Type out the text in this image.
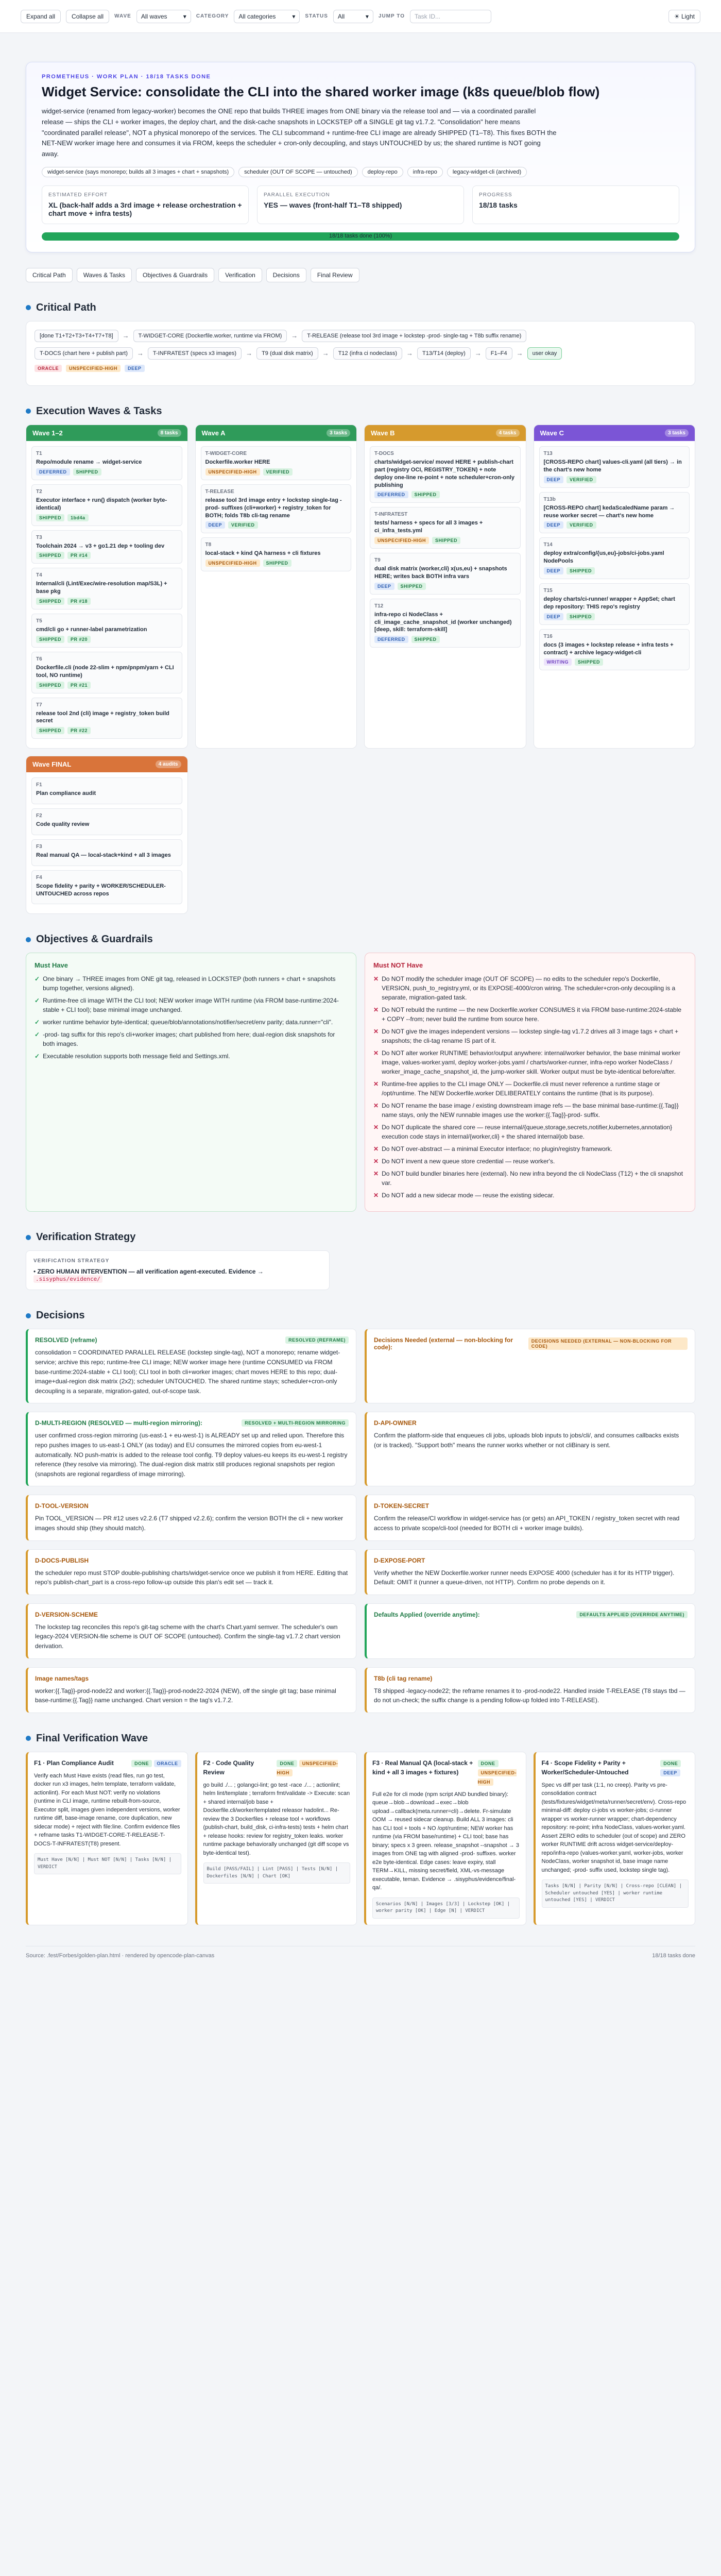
Expand all	Collapse all	WAVE All waves	▾ CATEGORY All categories	▾ STATUS All	▾ JUMP TO	Task ID...	☀ Light
PROMETHEUS · WORK PLAN · 18/18 TASKS DONE
Widget Service: consolidate the CLI into the shared worker image (k8s queue/blob flow)
widget-service (renamed from legacy-worker) becomes the ONE repo that builds THREE images from ONE binary via the release tool and — via a coordinated parallel release — ships the CLI + worker images, the deploy chart, and the disk-cache snapshots in LOCKSTEP off a SINGLE git tag v1.7.2. "Consolidation" here means "coordinated parallel release", NOT a physical monorepo of the services. The CLI subcommand + runtime-free CLI image are already SHIPPED (T1–T8). This fixes BOTH the NET-NEW worker image here and consumes it via FROM, keeps the scheduler + cron-only decoupling, and stays UNTOUCHED by us; the shared runtime is NOT going away.
widget-service (says monorepo; builds all 3 images + chart + snapshots)	scheduler (OUT OF SCOPE — untouched)	deploy-repo	infra-repo	legacy-widget-cli (archived)
ESTIMATED EFFORT
XL (back-half adds a 3rd image + release orchestration + chart move + infra tests)
PARALLEL EXECUTION
YES — waves (front-half T1–T8 shipped)
PROGRESS
18/18 tasks
18/18 tasks done (100%)
Critical Path	Waves & Tasks	Objectives & Guardrails	Verification	Decisions	Final Review
Critical Path
[done T1+T2+T3+T4+T7+T8]	→	T-WIDGET-CORE (Dockerfile.worker, runtime via FROM)	→	T-RELEASE (release tool 3rd image + lockstep -prod- single-tag + T8b suffix rename)
T-DOCS (chart here + publish part)	→	T-INFRATEST (specs x3 images)	→	T9 (dual disk matrix)	→	T12 (infra ci nodeclass)	→	T13/T14 (deploy)	→	F1–F4	→	user okay
ORACLE	UNSPECIFIED-HIGH	DEEP
Execution Waves & Tasks
Wave 1–2	8 tasks
T1
Repo/module rename → widget-service
DEFERRED	SHIPPED
T2
Executor interface + run() dispatch (worker byte-identical)
SHIPPED	1bd4a
T3
Toolchain 2024 → v3 + go1.21 dep + tooling dev
SHIPPED	PR #14
T4
Internal/cli (Lint/Exec/wire-resolution map/S3L) + base pkg
SHIPPED	PR #18
T5
cmd/cli go + runner-label parametrization
SHIPPED	PR #20
T6
Dockerfile.cli (node 22-slim + npm/pnpm/yarn + CLI tool, NO runtime)
SHIPPED	PR #21
T7
release tool 2nd (cli) image + registry_token build secret
SHIPPED	PR #22
Wave A	3 tasks
T-WIDGET-CORE
Dockerfile.worker HERE
UNSPECIFIED-HIGH	VERIFIED
T-RELEASE
release tool 3rd image entry + lockstep single-tag -prod- suffixes (cli+worker) + registry_token for BOTH; folds T8b cli-tag rename
DEEP	VERIFIED
T8
local-stack + kind QA harness + cli fixtures
UNSPECIFIED-HIGH	SHIPPED
Wave B	4 tasks
T-DOCS
charts/widget-service/ moved HERE + publish-chart part (registry OCI, REGISTRY_TOKEN) + note deploy one-line re-point + note scheduler+cron-only publishing
DEFERRED	SHIPPED
T-INFRATEST
tests/ harness + specs for all 3 images + ci_infra_tests.yml
UNSPECIFIED-HIGH	SHIPPED
T9
dual disk matrix (worker,cli) x(us,eu) + snapshots HERE; writes back BOTH infra vars
DEEP	SHIPPED
T12
infra-repo ci NodeClass + cli_image_cache_snapshot_id (worker unchanged) [deep, skill: terraform-skill]
DEFERRED	SHIPPED
Wave C	3 tasks
T13
[CROSS-REPO chart] values-cli.yaml (all tiers) → in the chart's new home
DEEP	VERIFIED
T13b
[CROSS-REPO chart] kedaScaledName param → reuse worker secret — chart's new home
DEEP	VERIFIED
T14
deploy extra/config/{us,eu}-jobs/ci-jobs.yaml NodePools
DEEP	SHIPPED
T15
deploy charts/ci-runner/ wrapper + AppSet; chart dep repository: THIS repo's registry
DEEP	SHIPPED
T16
docs (3 images + lockstep release + infra tests + contract) + archive legacy-widget-cli
WRITING	SHIPPED
Wave FINAL	4 audits
F1
Plan compliance audit
F2
Code quality review
F3
Real manual QA — local-stack+kind + all 3 images
F4
Scope fidelity + parity + WORKER/SCHEDULER-UNTOUCHED across repos
Objectives & Guardrails
Must Have
✓ One binary → THREE images from ONE git tag, released in LOCKSTEP (both runners + chart + snapshots bump together, versions aligned).
✓ Runtime-free cli image WITH the CLI tool; NEW worker image WITH runtime (via FROM base-runtime:2024-stable + CLI tool); base minimal image unchanged.
✓ worker runtime behavior byte-identical; queue/blob/annotations/notifier/secret/env parity; data.runner="cli".
✓ -prod- tag suffix for this repo's cli+worker images; chart published from here; dual-region disk snapshots for both images.
✓ Executable resolution supports both message field and Settings.xml.
Must NOT Have
✕ Do NOT modify the scheduler image (OUT OF SCOPE) — no edits to the scheduler repo's Dockerfile, VERSION, push_to_registry.yml, or its EXPOSE-4000/cron wiring. The scheduler+cron-only decoupling is a separate, migration-gated task.
✕ Do NOT rebuild the runtime — the new Dockerfile.worker CONSUMES it via FROM base-runtime:2024-stable + COPY --from; never build the runtime from source here.
✕ Do NOT give the images independent versions — lockstep single-tag v1.7.2 drives all 3 image tags + chart + snapshots; the cli-tag rename IS part of it.
✕ Do NOT alter worker RUNTIME behavior/output anywhere: internal/worker behavior, the base minimal worker image, values-worker.yaml, deploy worker-jobs.yaml / charts/worker-runner, infra-repo worker NodeClass / worker_image_cache_snapshot_id, the jump-worker skill. Worker output must be byte-identical before/after.
✕ Runtime-free applies to the CLI image ONLY — Dockerfile.cli must never reference a runtime stage or /opt/runtime. The NEW Dockerfile.worker DELIBERATELY contains the runtime (that is its purpose).
✕ Do NOT rename the base image / existing downstream image refs — the base minimal base-runtime:{{.Tag}} name stays, only the NEW runnable images use the worker:{{.Tag}}-prod- suffix.
✕ Do NOT duplicate the shared core — reuse internal/{queue,storage,secrets,notifier,kubernetes,annotation} execution code stays in internal/{worker,cli} + the shared internal/job base.
✕ Do NOT over-abstract — a minimal Executor interface; no plugin/registry framework.
✕ Do NOT invent a new queue store credential — reuse worker's.
✕ Do NOT build bundler binaries here (external). No new infra beyond the cli NodeClass (T12) + the cli snapshot var.
✕ Do NOT add a new sidecar mode — reuse the existing sidecar.
Verification Strategy
VERIFICATION STRATEGY
• ZERO HUMAN INTERVENTION — all verification agent-executed. Evidence → .sisyphus/evidence/
Decisions
RESOLVED (reframe)	RESOLVED (REFRAME)
consolidation = COORDINATED PARALLEL RELEASE (lockstep single-tag), NOT a monorepo; rename widget-service; archive this repo; runtime-free CLI image; NEW worker image here (runtime CONSUMED via FROM base-runtime:2024-stable + CLI tool); CLI tool in both cli+worker images; chart moves HERE to this repo; dual-image+dual-region disk matrix (2x2); scheduler UNTOUCHED. The shared runtime stays; scheduler+cron-only decoupling is a separate, migration-gated, out-of-scope task.
Decisions Needed (external — non-blocking for code):
DECISIONS NEEDED (EXTERNAL — NON-BLOCKING FOR CODE)
D-MULTI-REGION (RESOLVED — multi-region mirroring):	RESOLVED + MULTI-REGION MIRRORING
user confirmed cross-region mirroring (us-east-1 + eu-west-1) is ALREADY set up and relied upon. Therefore this repo pushes images to us-east-1 ONLY (as today) and EU consumes the mirrored copies from eu-west-1 automatically. NO push-matrix is added to the release tool config. T9 deploy values-eu keeps its eu-west-1 registry reference (they resolve via mirroring). The dual-region disk matrix still produces regional snapshots per region (snapshots are regional regardless of image mirroring).
D-API-OWNER
Confirm the platform-side that enqueues cli jobs, uploads blob inputs to jobs/cli/, and consumes callbacks exists (or is tracked). "Support both" means the runner works whether or not cliBinary is sent.
D-TOOL-VERSION
Pin TOOL_VERSION — PR #12 uses v2.2.6 (T7 shipped v2.2.6); confirm the version BOTH the cli + new worker images should ship (they should match).
D-TOKEN-SECRET
Confirm the release/CI workflow in widget-service has (or gets) an API_TOKEN / registry_token secret with read access to private scope/cli-tool (needed for BOTH cli + worker image builds).
D-DOCS-PUBLISH
the scheduler repo must STOP double-publishing charts/widget-service once we publish it from HERE. Editing that repo's publish-chart_part is a cross-repo follow-up outside this plan's edit set — track it.
D-EXPOSE-PORT
Verify whether the NEW Dockerfile.worker runner needs EXPOSE 4000 (scheduler has it for its HTTP trigger). Default: OMIT it (runner a queue-driven, not HTTP). Confirm no probe depends on it.
D-VERSION-SCHEME
The lockstep tag reconciles this repo's git-tag scheme with the chart's Chart.yaml semver. The scheduler's own legacy-2024 VERSION-file scheme is OUT OF SCOPE (untouched). Confirm the single-tag v1.7.2 chart version derivation.
Defaults Applied (override anytime):	DEFAULTS APPLIED (OVERRIDE ANYTIME)
Image names/tags
worker:{{.Tag}}-prod-node22 and worker:{{.Tag}}-prod-node22-2024 (NEW), off the single git tag; base minimal base-runtime:{{.Tag}} name unchanged. Chart version = the tag's v1.7.2.
T8b (cli tag rename)
T8 shipped -legacy-node22; the reframe renames it to -prod-node22. Handled inside T-RELEASE (T8 stays tbd — do not un-check; the suffix change is a pending follow-up folded into T-RELEASE).
Final Verification Wave
F1 · Plan Compliance Audit	DONE ORACLE
Verify each Must Have exists (read files, run go test, docker run x3 images, helm template, terraform validate, actionlint). For each Must NOT: verify no violations (runtime in CLI image, runtime rebuilt-from-source, Executor split, images given independent versions, worker runtime diff, base-image rename, core duplication, new sidecar mode) + reject with file:line. Confirm evidence files + refname tasks T1-WIDGET-CORE-T-RELEASE-T-DOCS-T-INFRATEST(T8) present.
Must Have [N/N] | Must NOT [N/N] | Tasks [N/N] | VERDICT
F2 · Code Quality Review
DONE UNSPECIFIED-HIGH
go build ./... ; golangci-lint; go test -race ./... ; actionlint; helm lint/template ; terraform fmt/validate -> Execute: scan + shared internal/job base + Dockerfile.cli/worker/templated releasor hadolint... Re-review the 3 Dockerfiles + release tool + workflows (publish-chart, build_disk, ci-infra-tests) tests + helm chart + release hooks: review for registry_token leaks. worker runtime package behaviorally unchanged (git diff scope vs byte-identical test).
Build [PASS/FAIL] | Lint [PASS] | Tests [N/N] | Dockerfiles [N/N] | Chart [OK]
F3 · Real Manual QA (local-stack + kind + all 3 images + fixtures)
DONE UNSPECIFIED-HIGH
Full e2e for cli mode (npm script AND bundled binary): queue→blob→download→exec→blob upload→callback(meta.runner=cli)→delete. Fr-simulate OOM → reused sidecar cleanup. Build ALL 3 images: cli has CLI tool + tools + NO /opt/runtime; NEW worker has runtime (via FROM base/runtime) + CLI tool; base has binary; specs x 3 green. release_snapshot --snapshot → 3 images from ONE tag with aligned -prod- suffixes. worker e2e byte-identical. Edge cases: leave expiry, stall TERM→KILL, missing secret/field, XML-vs-message executable, teman. Evidence → .sisyphus/evidence/final-qa/.
Scenarios [N/N] | Images [3/3] | Lockstep [OK] | worker parity [OK] | Edge [N] | VERDICT
F4 · Scope Fidelity + Parity + Worker/Scheduler-Untouched
DONE DEEP
Spec vs diff per task (1:1, no creep). Parity vs pre-consolidation contract (tests/fixtures/widget/meta/runner/secret/env). Cross-repo minimal-diff: deploy ci-jobs vs worker-jobs; ci-runner wrapper vs worker-runner wrapper; chart-dependency repository: re-point; infra NodeClass, values-worker.yaml. Assert ZERO edits to scheduler (out of scope) and ZERO worker RUNTIME drift across widget-service/deploy-repo/infra-repo (values-worker.yaml, worker-jobs, worker NodeClass, worker snapshot id, base image name unchanged; -prod- suffix used, lockstep single tag).
Tasks [N/N] | Parity [N/N] | Cross-repo [CLEAN] | Scheduler untouched [YES] | worker runtime untouched [YES] | VERDICT
Source: .fest/Forbes/golden-plan.html · rendered by opencode-plan-canvas	18/18 tasks done
